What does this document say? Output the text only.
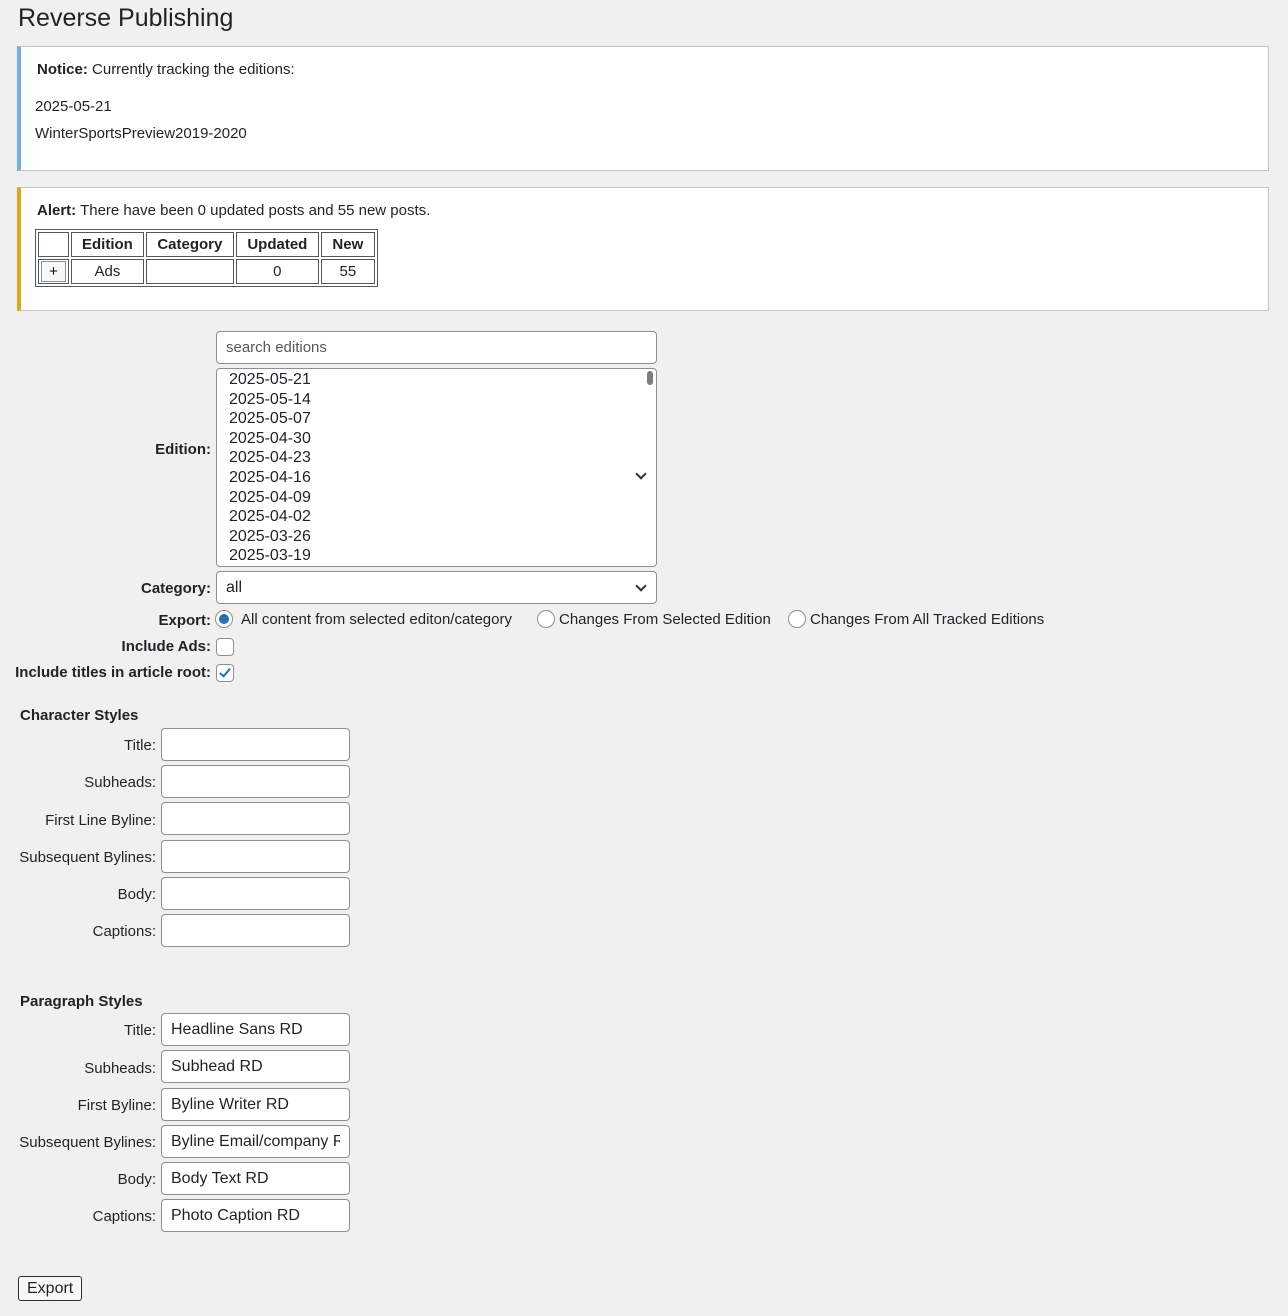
Reverse Publishing

Notice: Currently tracking the editions:

2025-05-21

WinterSportsPreview2019-2020

Alert: There have been 0 updated posts and 55 new posts.

	Edition	Category	Updated	New
+	Ads		0	55
search editions
Edition:
2025-05-21
2025-05-14
2025-05-07
2025-04-30
2025-04-23
2025-04-16
2025-04-09
2025-04-02
2025-03-26
2025-03-19
Category: all
Export: All content from selected editon/category	Changes From Selected Edition	Changes From All Tracked Editions
Include Ads:
Include titles in article root:
Character Styles
Title:
Subheads:
First Line Byline:
Subsequent Bylines:
Body:
Captions:
Paragraph Styles
Title:
Headline Sans RD
Subheads:
Subhead RD
First Byline:
Byline Writer RD
Subsequent Bylines:
Byline Email/company R
Body:
Body Text RD
Captions:
Photo Caption RD
Export
